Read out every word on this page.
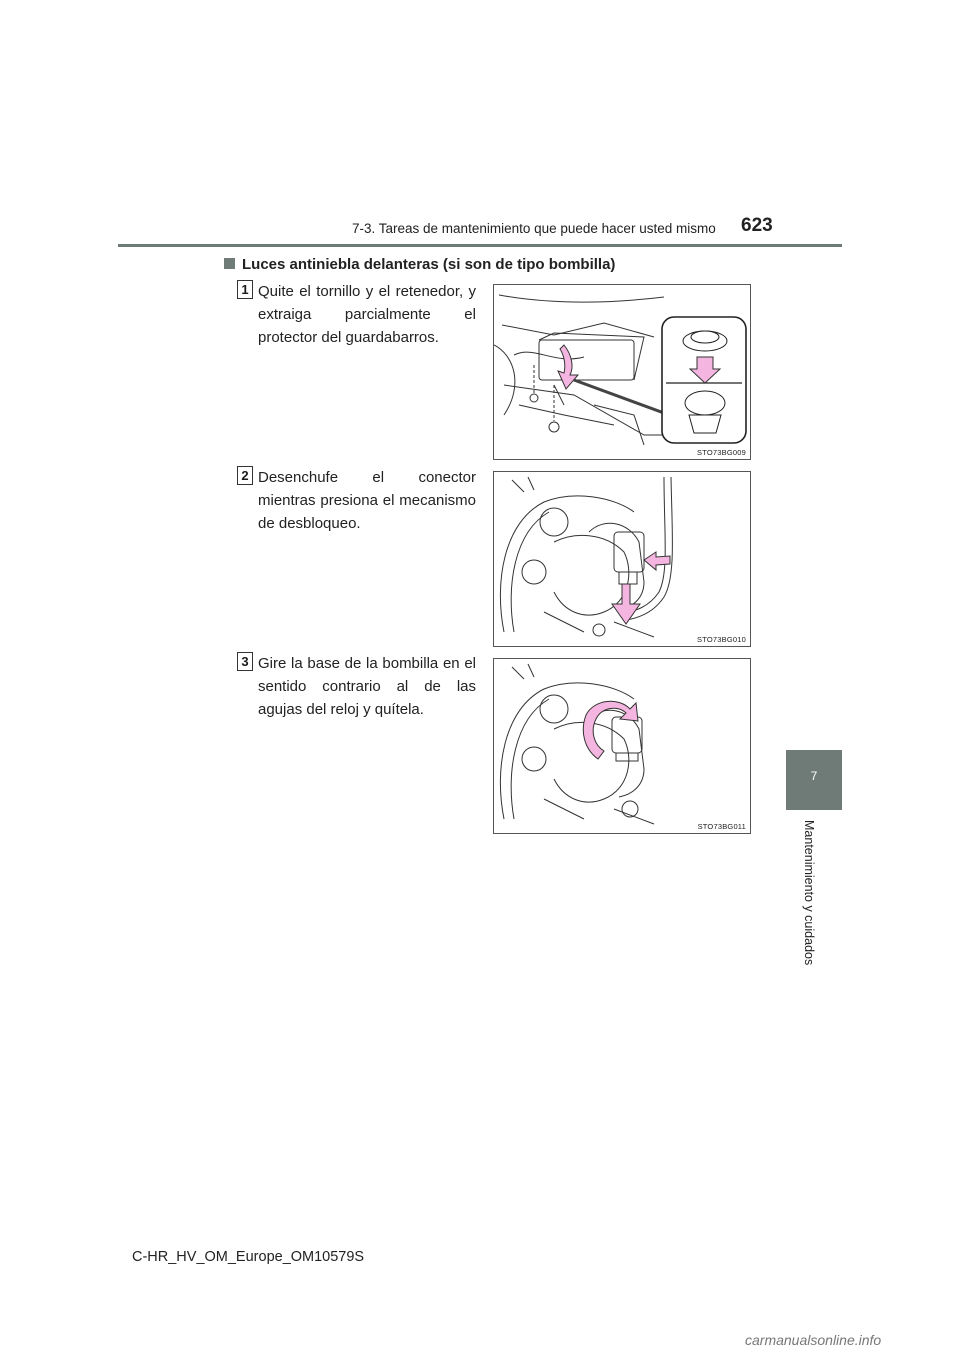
7-3. Tareas de mantenimiento que puede hacer usted mismo 623
7
Mantenimiento y cuidados
Luces antiniebla delanteras (si son de tipo bombilla)
1 Quite el tornillo y el retenedor, y extraiga parcialmente el protector del guardabarros.
STO73BG009
2 Desenchufe el conector mientras presiona el mecanismo de desbloqueo.
STO73BG010
3 Gire la base de la bombilla en el sentido contrario al de las agujas del reloj y quítela.
STO73BG011
C-HR_HV_OM_Europe_OM10579S
carmanualsonline.info
